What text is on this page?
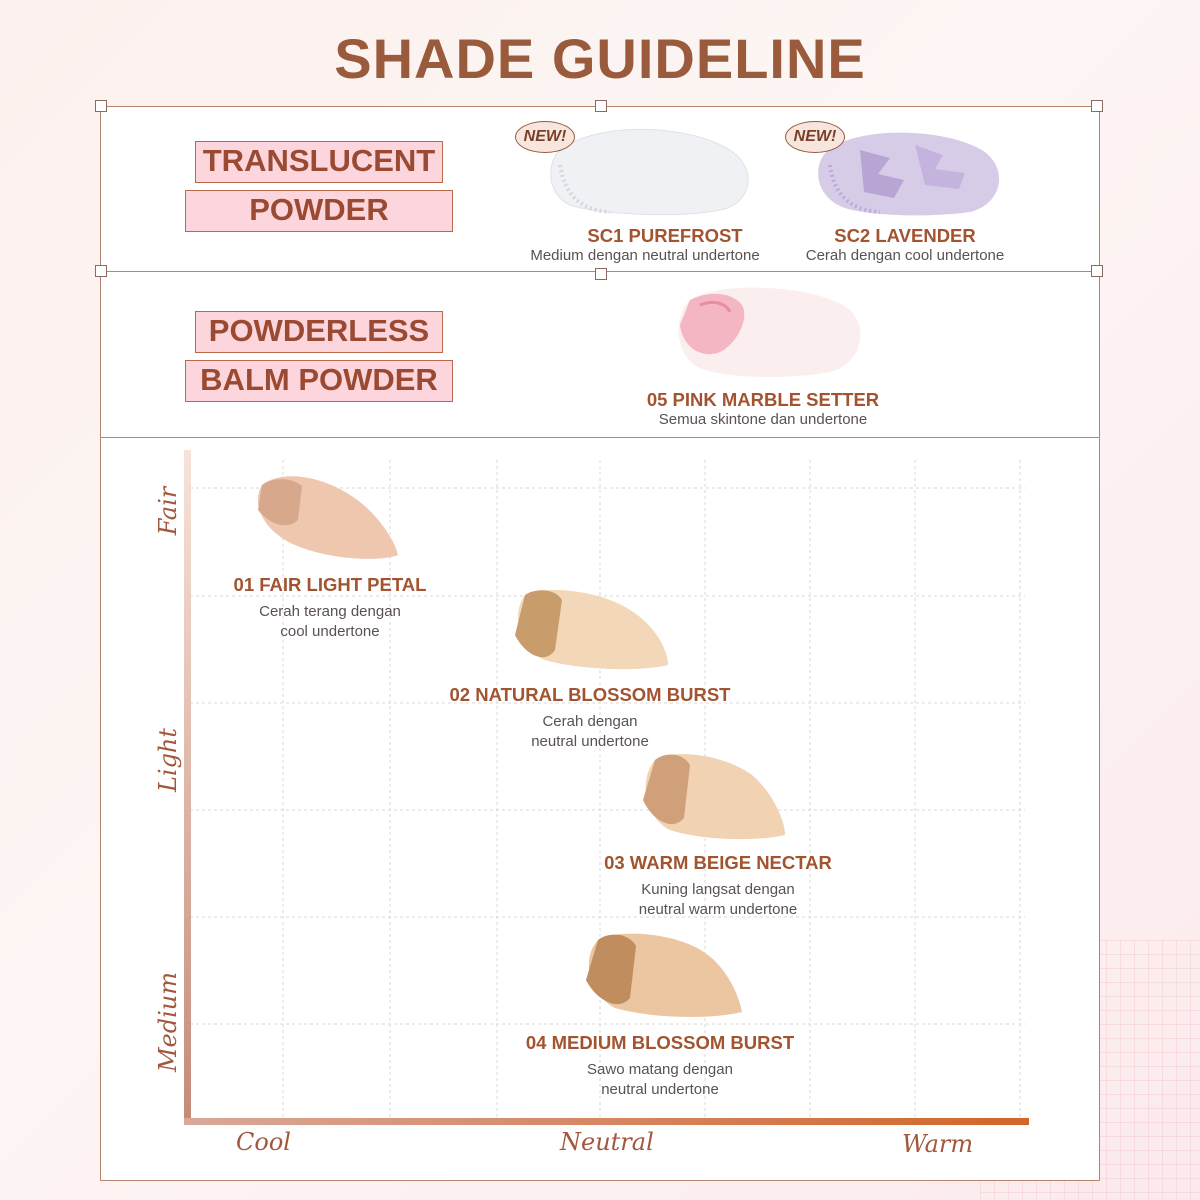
SHADE GUIDELINE
TRANSLUCENT
POWDER
NEW!	NEW!
SC1 PUREFROST
Medium dengan neutral undertone
SC2 LAVENDER
Cerah dengan cool undertone
POWDERLESS
BALM POWDER
05 PINK MARBLE SETTER
Semua skintone dan undertone
Fair
Light
Medium
Cool	Neutral	Warm
01 FAIR LIGHT PETAL
Cerah terang dengan
cool undertone
02 NATURAL BLOSSOM BURST
Cerah dengan
neutral undertone
03 WARM BEIGE NECTAR
Kuning langsat dengan
neutral warm undertone
04 MEDIUM BLOSSOM BURST
Sawo matang dengan
neutral undertone
